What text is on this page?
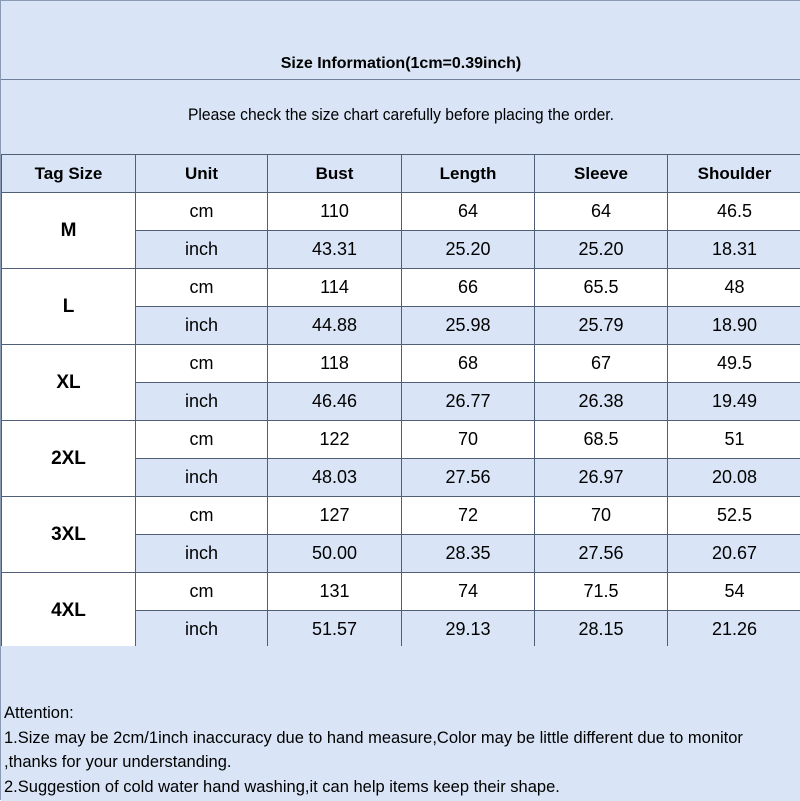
Size Information(1cm=0.39inch)
Please check the size chart carefully before placing the order.
Tag Size	Unit	Bust	Length	Sleeve	Shoulder
M	cm	110	64	64	46.5
	inch	43.31	25.20	25.20	18.31
L	cm	114	66	65.5	48
	inch	44.88	25.98	25.79	18.90
XL	cm	118	68	67	49.5
	inch	46.46	26.77	26.38	19.49
2XL	cm	122	70	68.5	51
	inch	48.03	27.56	26.97	20.08
3XL	cm	127	72	70	52.5
	inch	50.00	28.35	27.56	20.67
4XL	cm	131	74	71.5	54
	inch	51.57	29.13	28.15	21.26

Attention:

1.Size may be 2cm/1inch inaccuracy due to hand measure,Color may be little different due to monitor ,thanks for your understanding.

2.Suggestion of cold water hand washing,it can help items keep their shape.
